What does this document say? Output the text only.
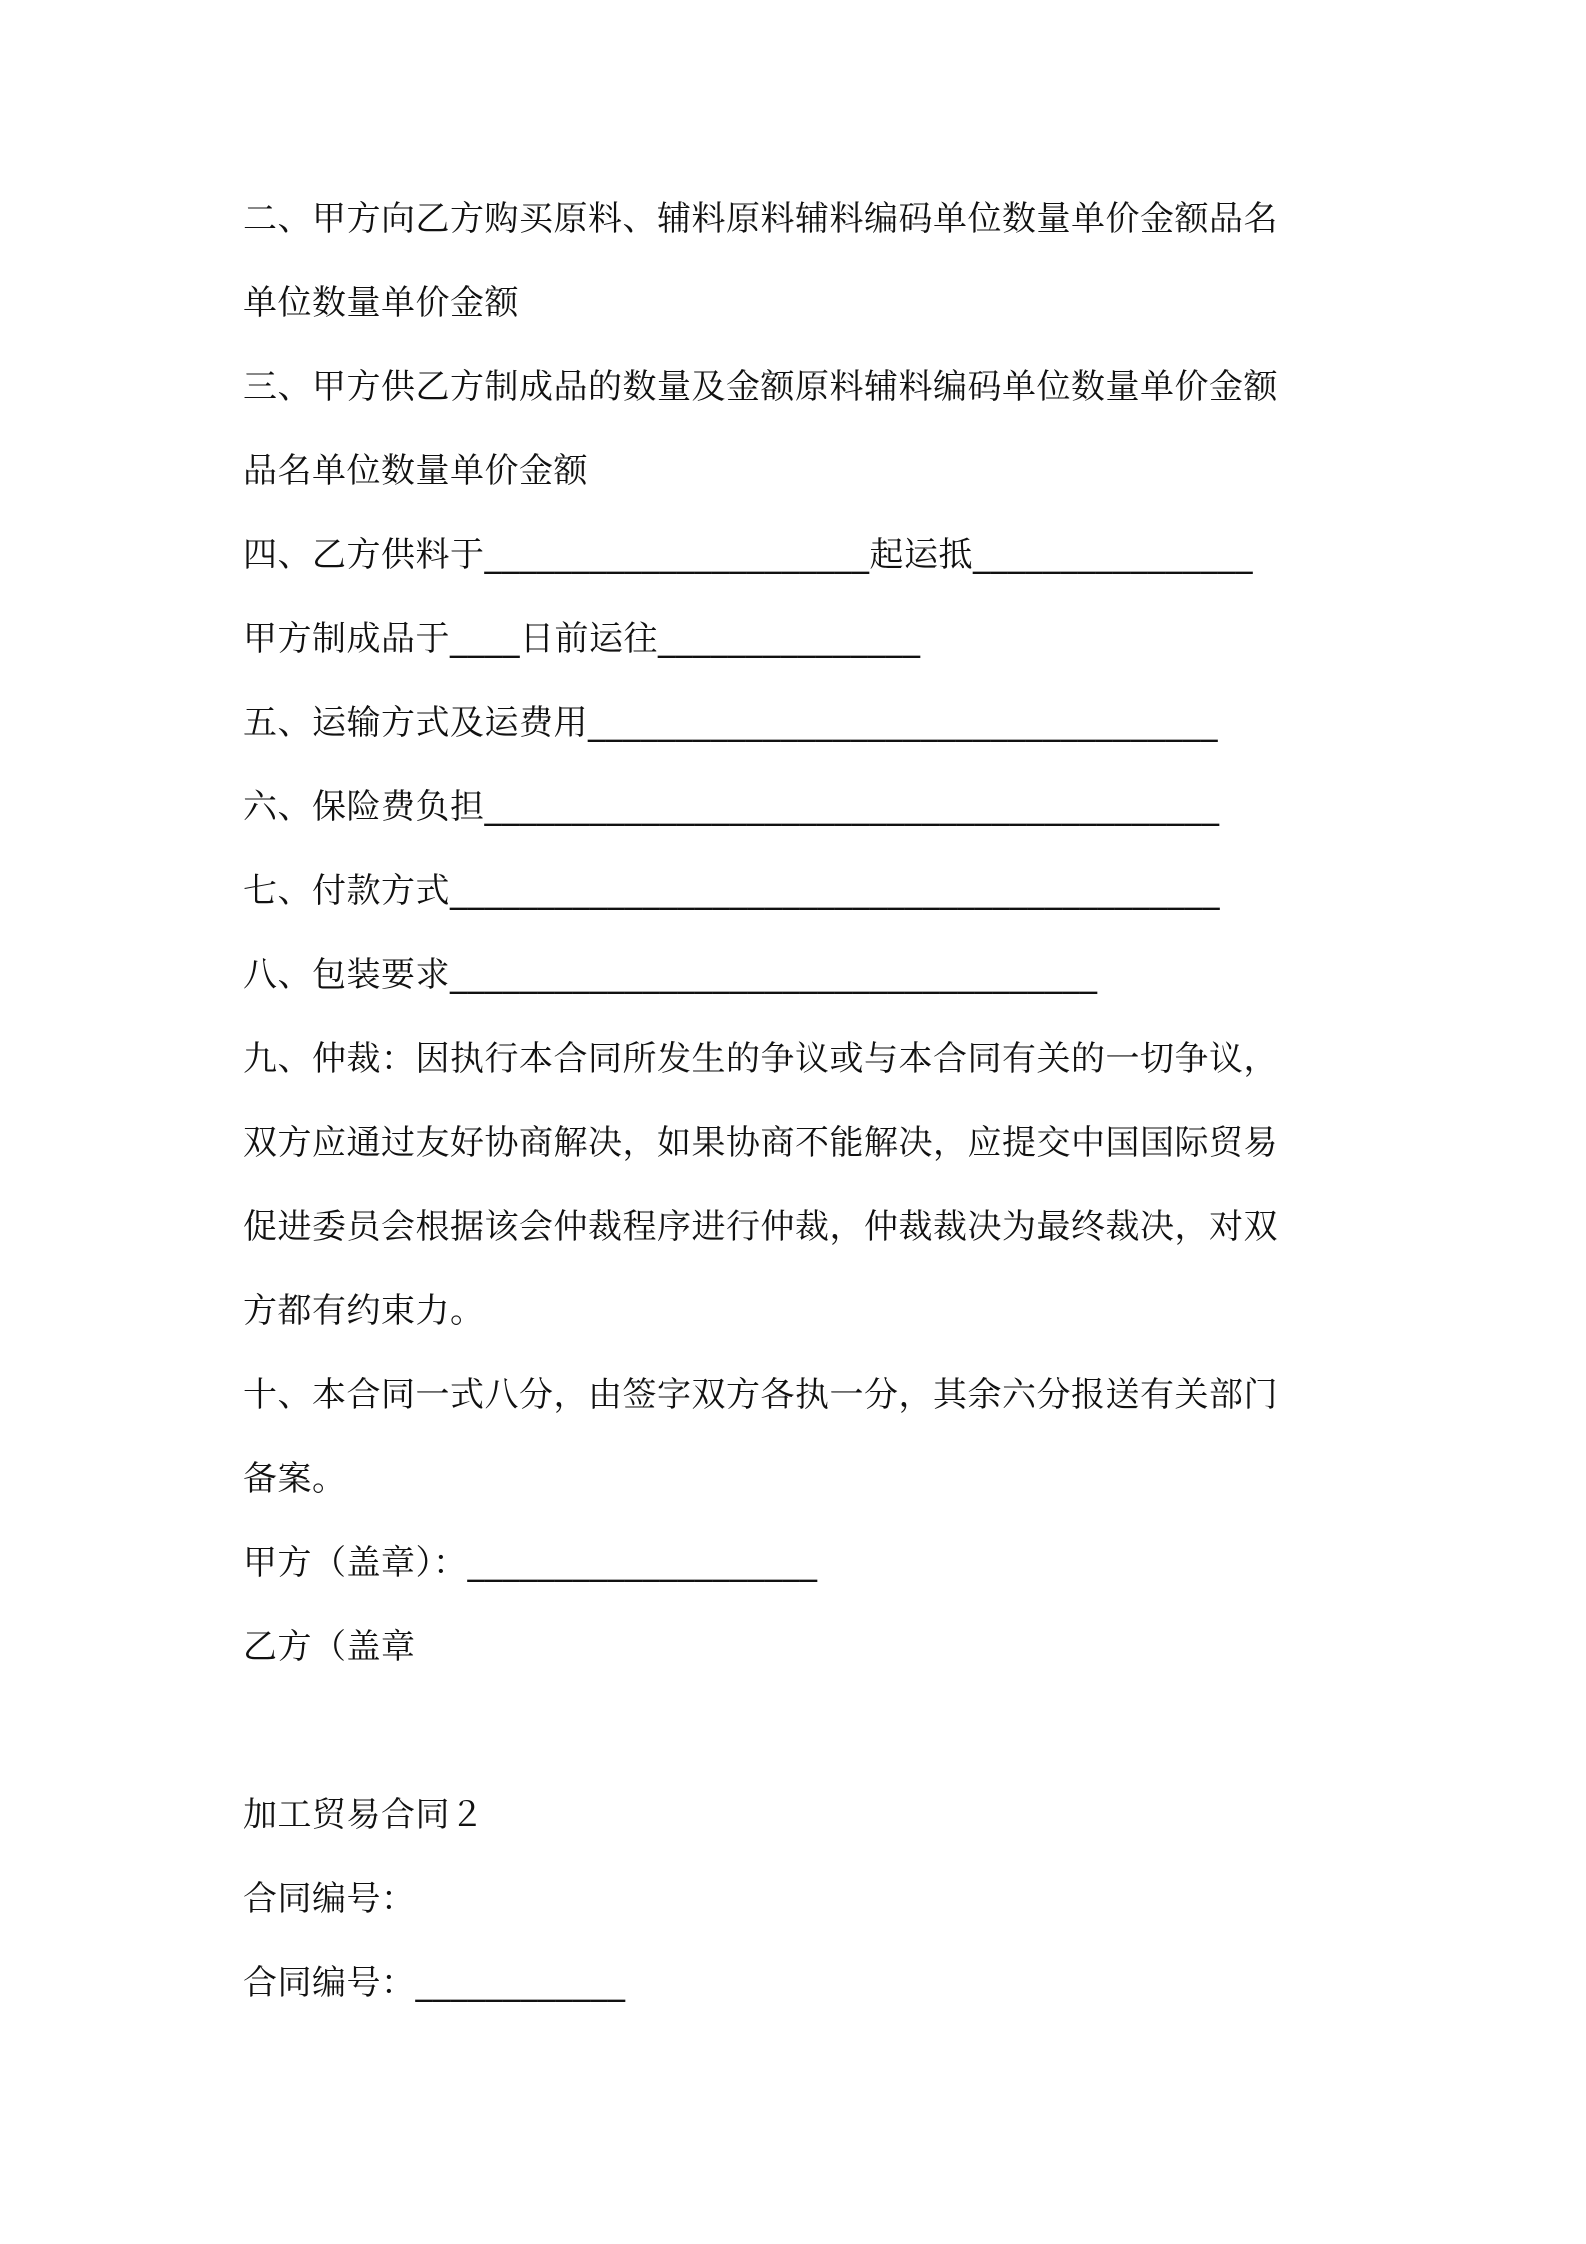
二、甲方向乙方购买原料、辅料原料辅料编码单位数量单价金额品名
单位数量单价金额
三、甲方供乙方制成品的数量及金额原料辅料编码单位数量单价金额
品名单位数量单价金额
四、乙方供料于______________________起运抵________________
甲方制成品于____日前运往_______________
五、运输方式及运费用____________________________________
六、保险费负担__________________________________________
七、付款方式____________________________________________
八、包装要求_____________________________________
九、仲裁：因执行本合同所发生的争议或与本合同有关的一切争议，
双方应通过友好协商解决，如果协商不能解决，应提交中国国际贸易
促进委员会根据该会仲裁程序进行仲裁，仲裁裁决为最终裁决，对双
方都有约束力。
十、本合同一式八分，由签字双方各执一分，其余六分报送有关部门
备案。
甲方（盖章）：____________________
乙方（盖章
加工贸易合同２
合同编号：
合同编号：____________
